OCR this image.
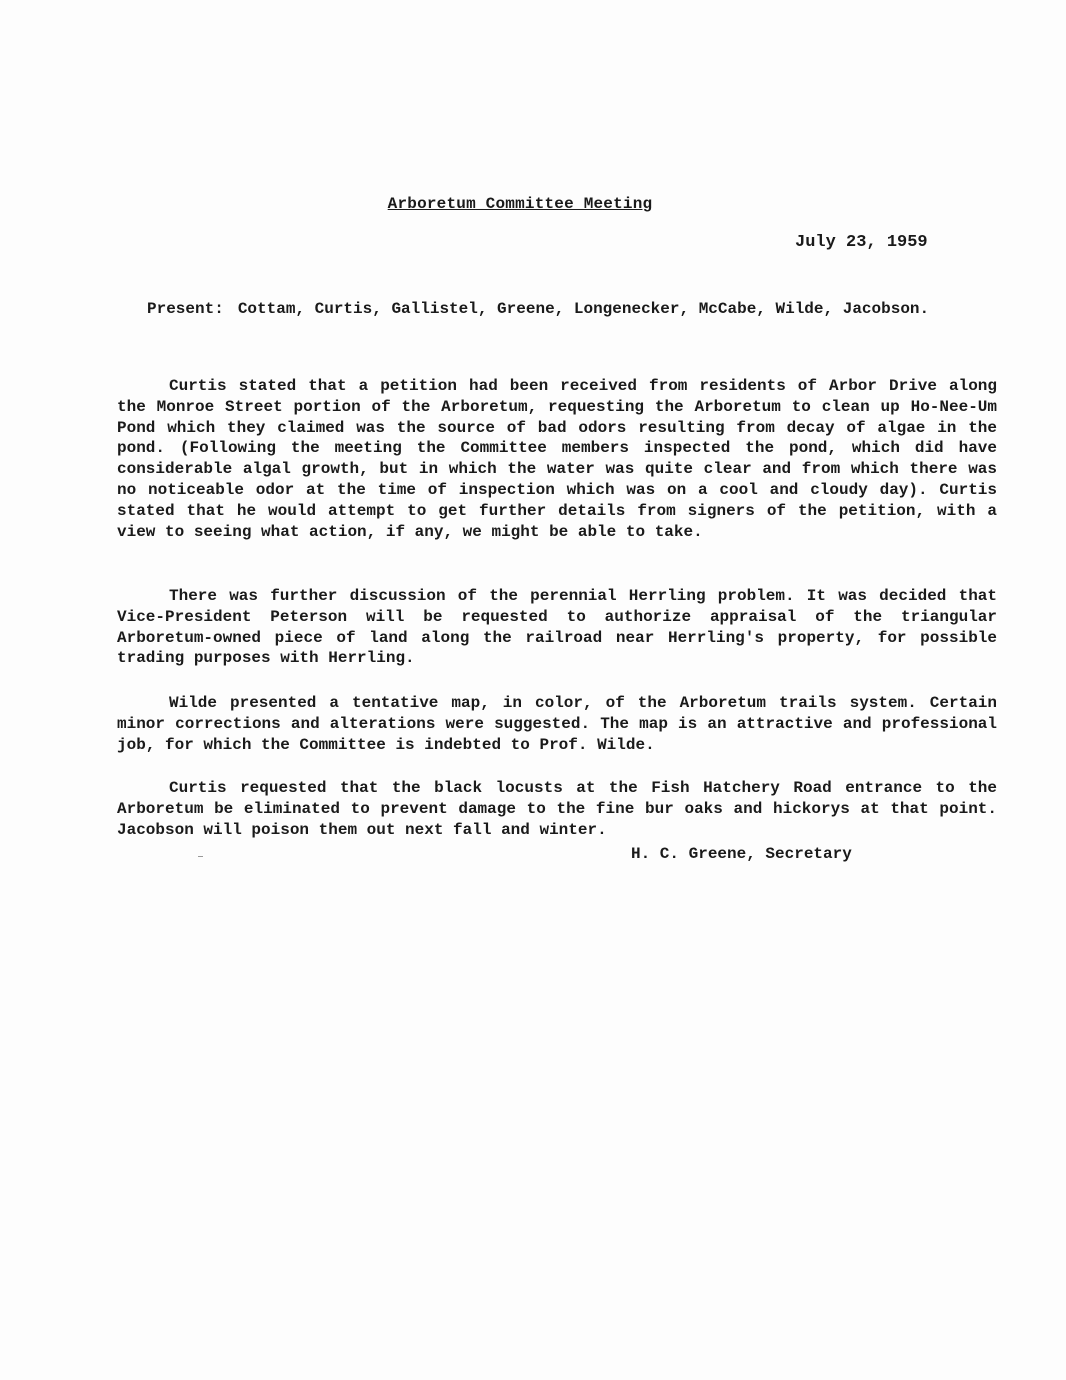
Arboretum Committee Meeting
July 23, 1959
Present: Cottam, Curtis, Gallistel, Greene, Longenecker, McCabe, Wilde, Jacobson.

Curtis stated that a petition had been received from residents of Arbor Drive along the Monroe Street portion of the Arboretum, requesting the Arboretum to clean up Ho-Nee-Um Pond which they claimed was the source of bad odors resulting from decay of algae in the pond. (Following the meeting the Committee members inspected the pond, which did have considerable algal growth, but in which the water was quite clear and from which there was no noticeable odor at the time of inspection which was on a cool and cloudy day). Curtis stated that he would attempt to get further details from signers of the petition, with a view to seeing what action, if any, we might be able to take.

There was further discussion of the perennial Herrling problem. It was decided that Vice-President Peterson will be requested to authorize appraisal of the triangular Arboretum-owned piece of land along the railroad near Herrling's property, for possible trading purposes with Herrling.

Wilde presented a tentative map, in color, of the Arboretum trails system. Certain minor corrections and alterations were suggested. The map is an attractive and professional job, for which the Committee is indebted to Prof. Wilde.

Curtis requested that the black locusts at the Fish Hatchery Road entrance to the Arboretum be eliminated to prevent damage to the fine bur oaks and hickorys at that point. Jacobson will poison them out next fall and winter.

H. C. Greene, Secretary
